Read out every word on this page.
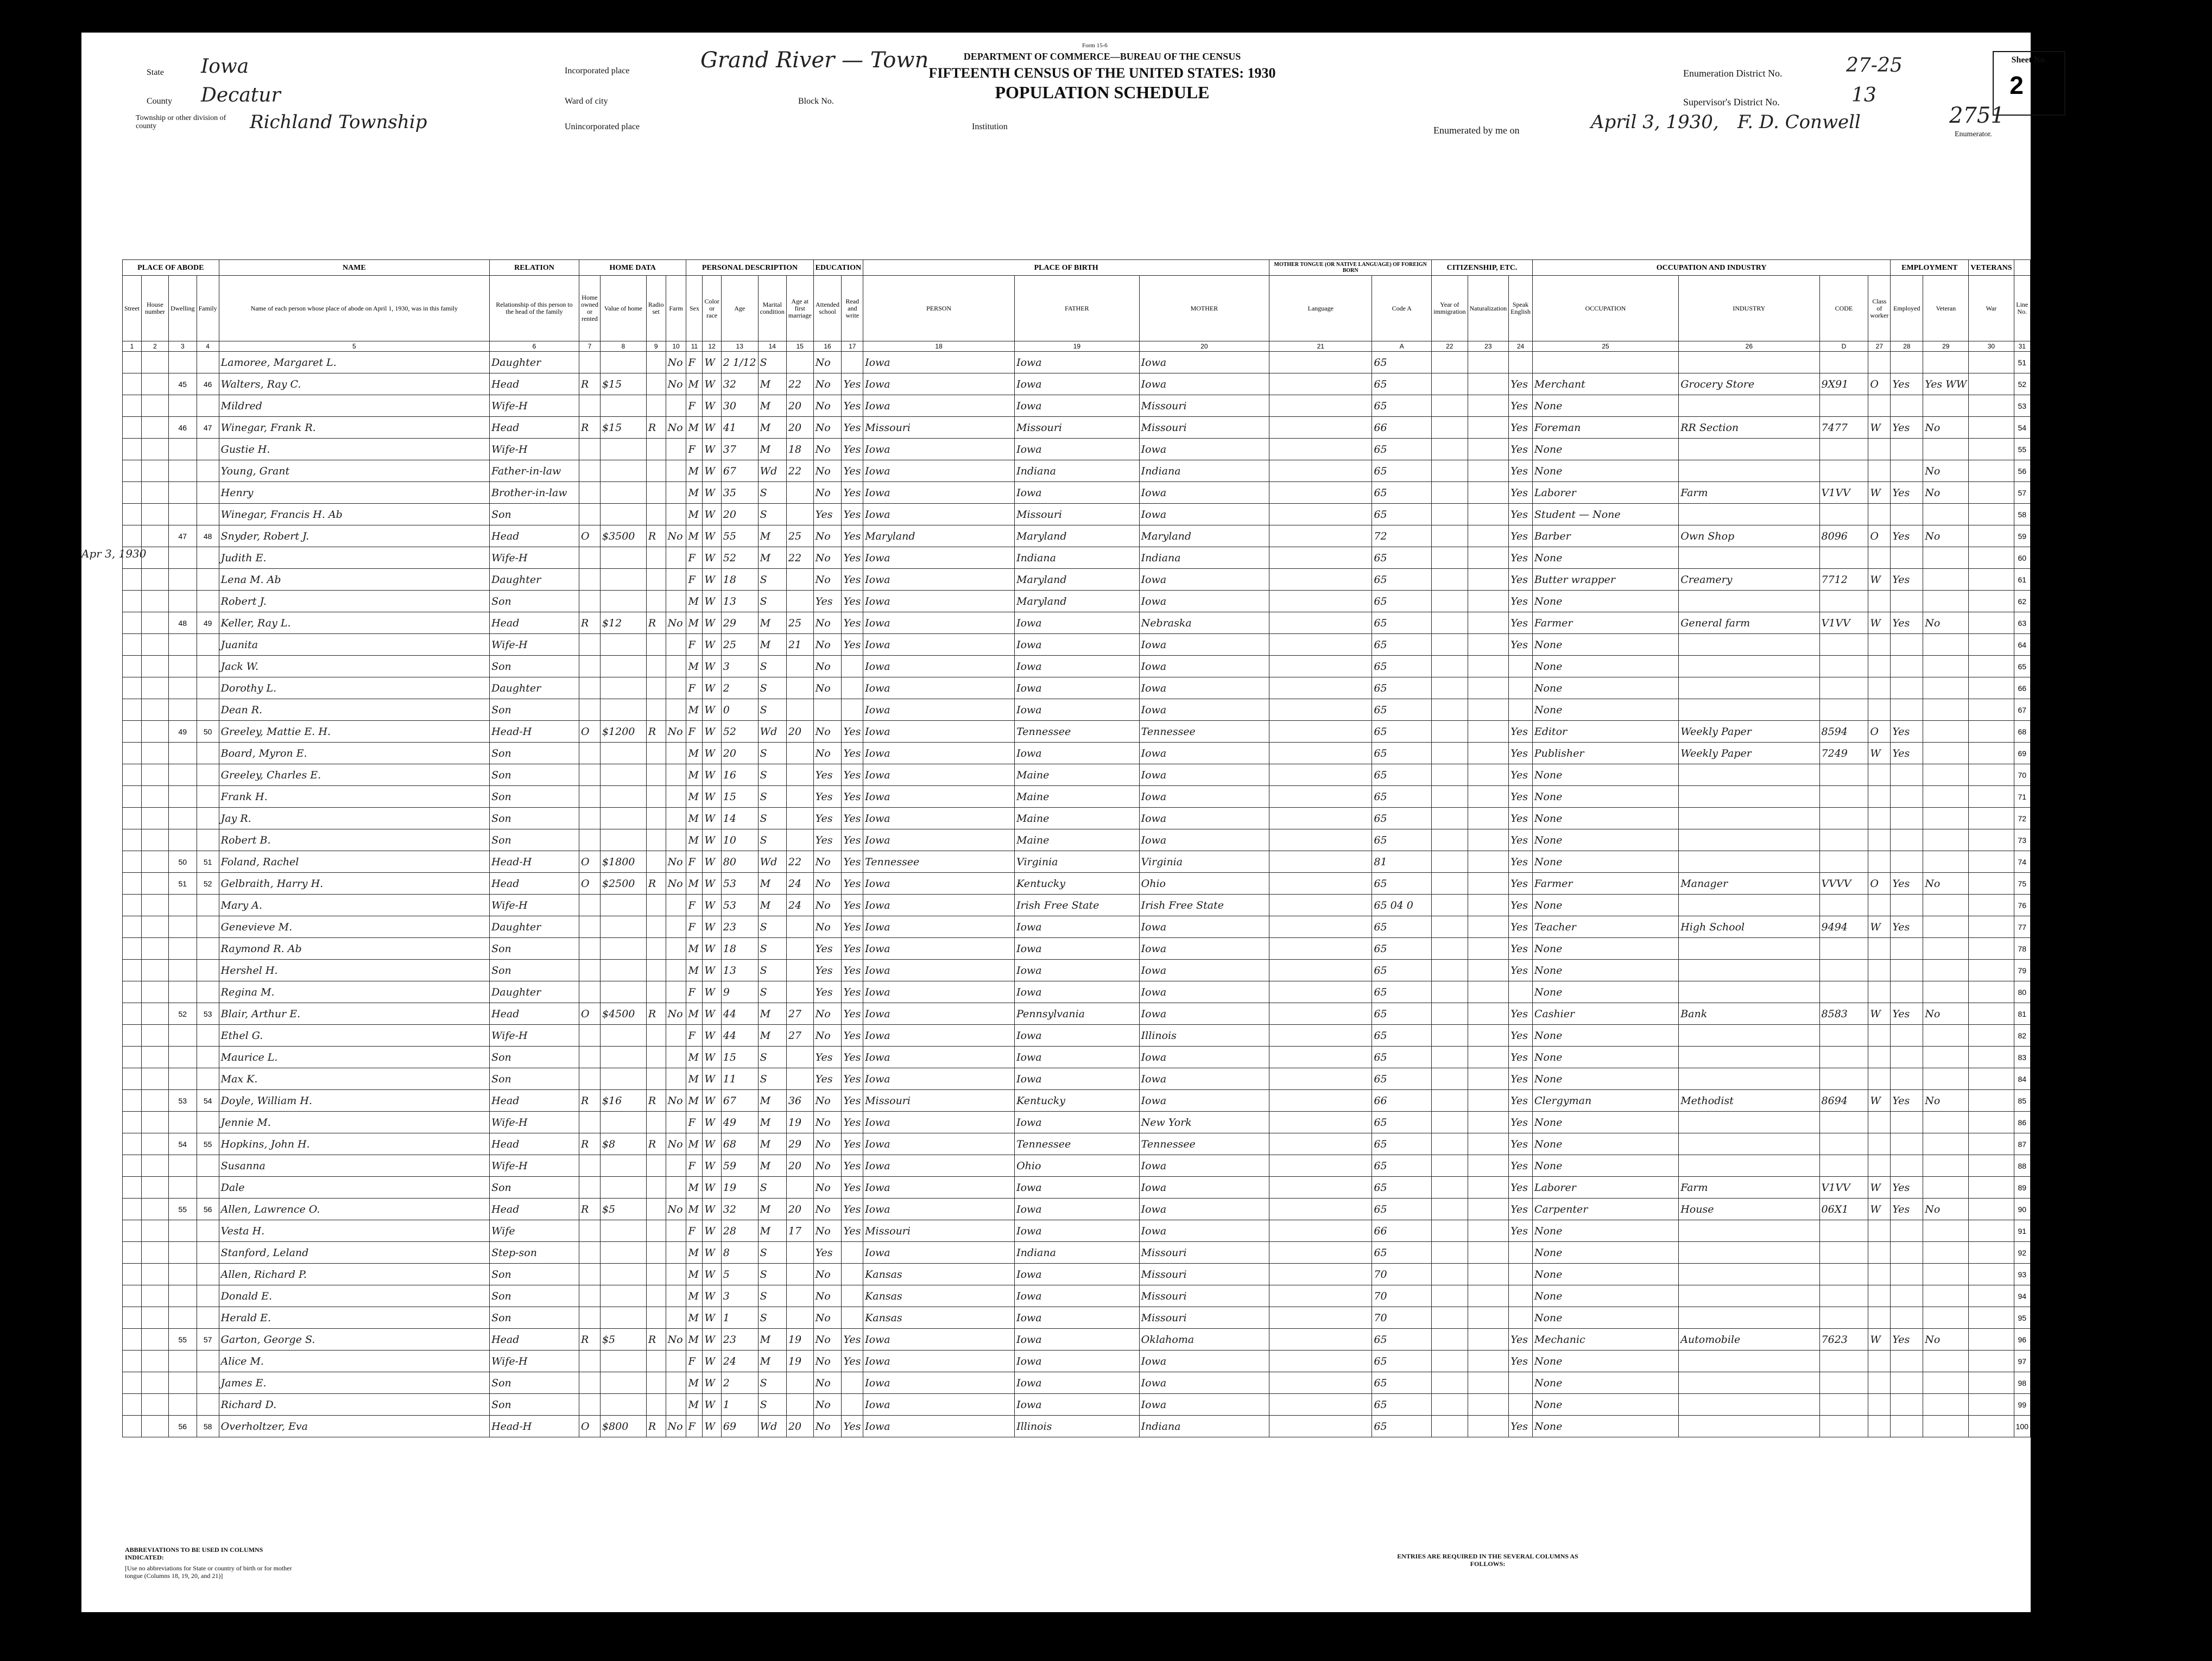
Form 15-6
DEPARTMENT OF COMMERCE—BUREAU OF THE CENSUS
FIFTEENTH CENSUS OF THE UNITED STATES: 1930
POPULATION SCHEDULE
State Iowa
County Decatur
Township or other division of county	Richland Township
Incorporated place	Grand River — Town
Ward of city	Block No.
Unincorporated place	Institution
Enumeration District No.	27-25
Supervisor's District No.	13
Sheet No.
2 B
Enumerated by me on	April 3, 1930, F. D. Conwell
Enumerator.
2751
Apr 3, 1930
PLACE OF ABODE				NAME	RELATION	HOME DATA				PERSONAL DESCRIPTION					EDUCATION		PLACE OF BIRTH			MOTHER TONGUE (OR NATIVE LANGUAGE) OF FOREIGN BORN		CITIZENSHIP, ETC.			OCCUPATION AND INDUSTRY				EMPLOYMENT		VETERANS	
Street	House number	Dwelling	Family	Name of each person whose place of abode on April 1, 1930, was in this family	Relationship of this person to the head of the family	Home owned or rented	Value of home	Radio set	Farm	Sex	Color or race	Age	Marital condition	Age at first marriage	Attended school	Read and write	PERSON	FATHER	MOTHER	Language	Code A	Year of immigration	Naturalization	Speak English	OCCUPATION	INDUSTRY	CODE	Class of worker	Employed	Veteran	War	Line No.
1	2	3	4	5	6	7	8	9	10	11	12	13	14	15	16	17	18	19	20	21	A	22	23	24	25	26	D	27	28	29	30	31
				Lamoree, Margaret L.	Daughter				No	F	W	2 1/12	S		No		Iowa	Iowa	Iowa		65											51
		45	46	Walters, Ray C.	Head	R	$15		No	M	W	32	M	22	No	Yes	Iowa	Iowa	Iowa		65			Yes	Merchant	Grocery Store	9X91	O	Yes	Yes WW		52
				Mildred	Wife-H					F	W	30	M	20	No	Yes	Iowa	Iowa	Missouri		65			Yes	None							53
		46	47	Winegar, Frank R.	Head	R	$15	R	No	M	W	41	M	20	No	Yes	Missouri	Missouri	Missouri		66			Yes	Foreman	RR Section	7477	W	Yes	No		54
				Gustie H.	Wife-H					F	W	37	M	18	No	Yes	Iowa	Iowa	Iowa		65			Yes	None							55
				Young, Grant	Father-in-law					M	W	67	Wd	22	No	Yes	Iowa	Indiana	Indiana		65			Yes	None					No		56
				Henry	Brother-in-law					M	W	35	S		No	Yes	Iowa	Iowa	Iowa		65			Yes	Laborer	Farm	V1VV	W	Yes	No		57
				Winegar, Francis H. Ab	Son					M	W	20	S		Yes	Yes	Iowa	Missouri	Iowa		65			Yes	Student — None							58
		47	48	Snyder, Robert J.	Head	O	$3500	R	No	M	W	55	M	25	No	Yes	Maryland	Maryland	Maryland		72			Yes	Barber	Own Shop	8096	O	Yes	No		59
				Judith E.	Wife-H					F	W	52	M	22	No	Yes	Iowa	Indiana	Indiana		65			Yes	None							60
				Lena M. Ab	Daughter					F	W	18	S		No	Yes	Iowa	Maryland	Iowa		65			Yes	Butter wrapper	Creamery	7712	W	Yes			61
				Robert J.	Son					M	W	13	S		Yes	Yes	Iowa	Maryland	Iowa		65			Yes	None							62
		48	49	Keller, Ray L.	Head	R	$12	R	No	M	W	29	M	25	No	Yes	Iowa	Iowa	Nebraska		65			Yes	Farmer	General farm	V1VV	W	Yes	No		63
				Juanita	Wife-H					F	W	25	M	21	No	Yes	Iowa	Iowa	Iowa		65			Yes	None							64
				Jack W.	Son					M	W	3	S		No		Iowa	Iowa	Iowa		65				None							65
				Dorothy L.	Daughter					F	W	2	S		No		Iowa	Iowa	Iowa		65				None							66
				Dean R.	Son					M	W	0	S				Iowa	Iowa	Iowa		65				None							67
		49	50	Greeley, Mattie E. H.	Head-H	O	$1200	R	No	F	W	52	Wd	20	No	Yes	Iowa	Tennessee	Tennessee		65			Yes	Editor	Weekly Paper	8594	O	Yes			68
				Board, Myron E.	Son					M	W	20	S		No	Yes	Iowa	Iowa	Iowa		65			Yes	Publisher	Weekly Paper	7249	W	Yes			69
				Greeley, Charles E.	Son					M	W	16	S		Yes	Yes	Iowa	Maine	Iowa		65			Yes	None							70
				Frank H.	Son					M	W	15	S		Yes	Yes	Iowa	Maine	Iowa		65			Yes	None							71
				Jay R.	Son					M	W	14	S		Yes	Yes	Iowa	Maine	Iowa		65			Yes	None							72
				Robert B.	Son					M	W	10	S		Yes	Yes	Iowa	Maine	Iowa		65			Yes	None							73
		50	51	Foland, Rachel	Head-H	O	$1800		No	F	W	80	Wd	22	No	Yes	Tennessee	Virginia	Virginia		81			Yes	None							74
		51	52	Gelbraith, Harry H.	Head	O	$2500	R	No	M	W	53	M	24	No	Yes	Iowa	Kentucky	Ohio		65			Yes	Farmer	Manager	VVVV	O	Yes	No		75
				Mary A.	Wife-H					F	W	53	M	24	No	Yes	Iowa	Irish Free State	Irish Free State		65 04 0			Yes	None							76
				Genevieve M.	Daughter					F	W	23	S		No	Yes	Iowa	Iowa	Iowa		65			Yes	Teacher	High School	9494	W	Yes			77
				Raymond R. Ab	Son					M	W	18	S		Yes	Yes	Iowa	Iowa	Iowa		65			Yes	None							78
				Hershel H.	Son					M	W	13	S		Yes	Yes	Iowa	Iowa	Iowa		65			Yes	None							79
				Regina M.	Daughter					F	W	9	S		Yes	Yes	Iowa	Iowa	Iowa		65				None							80
		52	53	Blair, Arthur E.	Head	O	$4500	R	No	M	W	44	M	27	No	Yes	Iowa	Pennsylvania	Iowa		65			Yes	Cashier	Bank	8583	W	Yes	No		81
				Ethel G.	Wife-H					F	W	44	M	27	No	Yes	Iowa	Iowa	Illinois		65			Yes	None							82
				Maurice L.	Son					M	W	15	S		Yes	Yes	Iowa	Iowa	Iowa		65			Yes	None							83
				Max K.	Son					M	W	11	S		Yes	Yes	Iowa	Iowa	Iowa		65			Yes	None							84
		53	54	Doyle, William H.	Head	R	$16	R	No	M	W	67	M	36	No	Yes	Missouri	Kentucky	Iowa		66			Yes	Clergyman	Methodist	8694	W	Yes	No		85
				Jennie M.	Wife-H					F	W	49	M	19	No	Yes	Iowa	Iowa	New York		65			Yes	None							86
		54	55	Hopkins, John H.	Head	R	$8	R	No	M	W	68	M	29	No	Yes	Iowa	Tennessee	Tennessee		65			Yes	None							87
				Susanna	Wife-H					F	W	59	M	20	No	Yes	Iowa	Ohio	Iowa		65			Yes	None							88
				Dale	Son					M	W	19	S		No	Yes	Iowa	Iowa	Iowa		65			Yes	Laborer	Farm	V1VV	W	Yes			89
		55	56	Allen, Lawrence O.	Head	R	$5		No	M	W	32	M	20	No	Yes	Iowa	Iowa	Iowa		65			Yes	Carpenter	House	06X1	W	Yes	No		90
				Vesta H.	Wife					F	W	28	M	17	No	Yes	Missouri	Iowa	Iowa		66			Yes	None							91
				Stanford, Leland	Step-son					M	W	8	S		Yes		Iowa	Indiana	Missouri		65				None							92
				Allen, Richard P.	Son					M	W	5	S		No		Kansas	Iowa	Missouri		70				None							93
				Donald E.	Son					M	W	3	S		No		Kansas	Iowa	Missouri		70				None							94
				Herald E.	Son					M	W	1	S		No		Kansas	Iowa	Missouri		70				None							95
		55	57	Garton, George S.	Head	R	$5	R	No	M	W	23	M	19	No	Yes	Iowa	Iowa	Oklahoma		65			Yes	Mechanic	Automobile	7623	W	Yes	No		96
				Alice M.	Wife-H					F	W	24	M	19	No	Yes	Iowa	Iowa	Iowa		65			Yes	None							97
				James E.	Son					M	W	2	S		No		Iowa	Iowa	Iowa		65				None							98
				Richard D.	Son					M	W	1	S		No		Iowa	Iowa	Iowa		65				None							99
		56	58	Overholtzer, Eva	Head-H	O	$800	R	No	F	W	69	Wd	20	No	Yes	Iowa	Illinois	Indiana		65			Yes	None							100
ABBREVIATIONS TO BE USED IN COLUMNS INDICATED:
[Use no abbreviations for State or country of birth or for mother tongue (Columns 18, 19, 20, and 21)]
ENTRIES ARE REQUIRED IN THE SEVERAL COLUMNS AS FOLLOWS:
